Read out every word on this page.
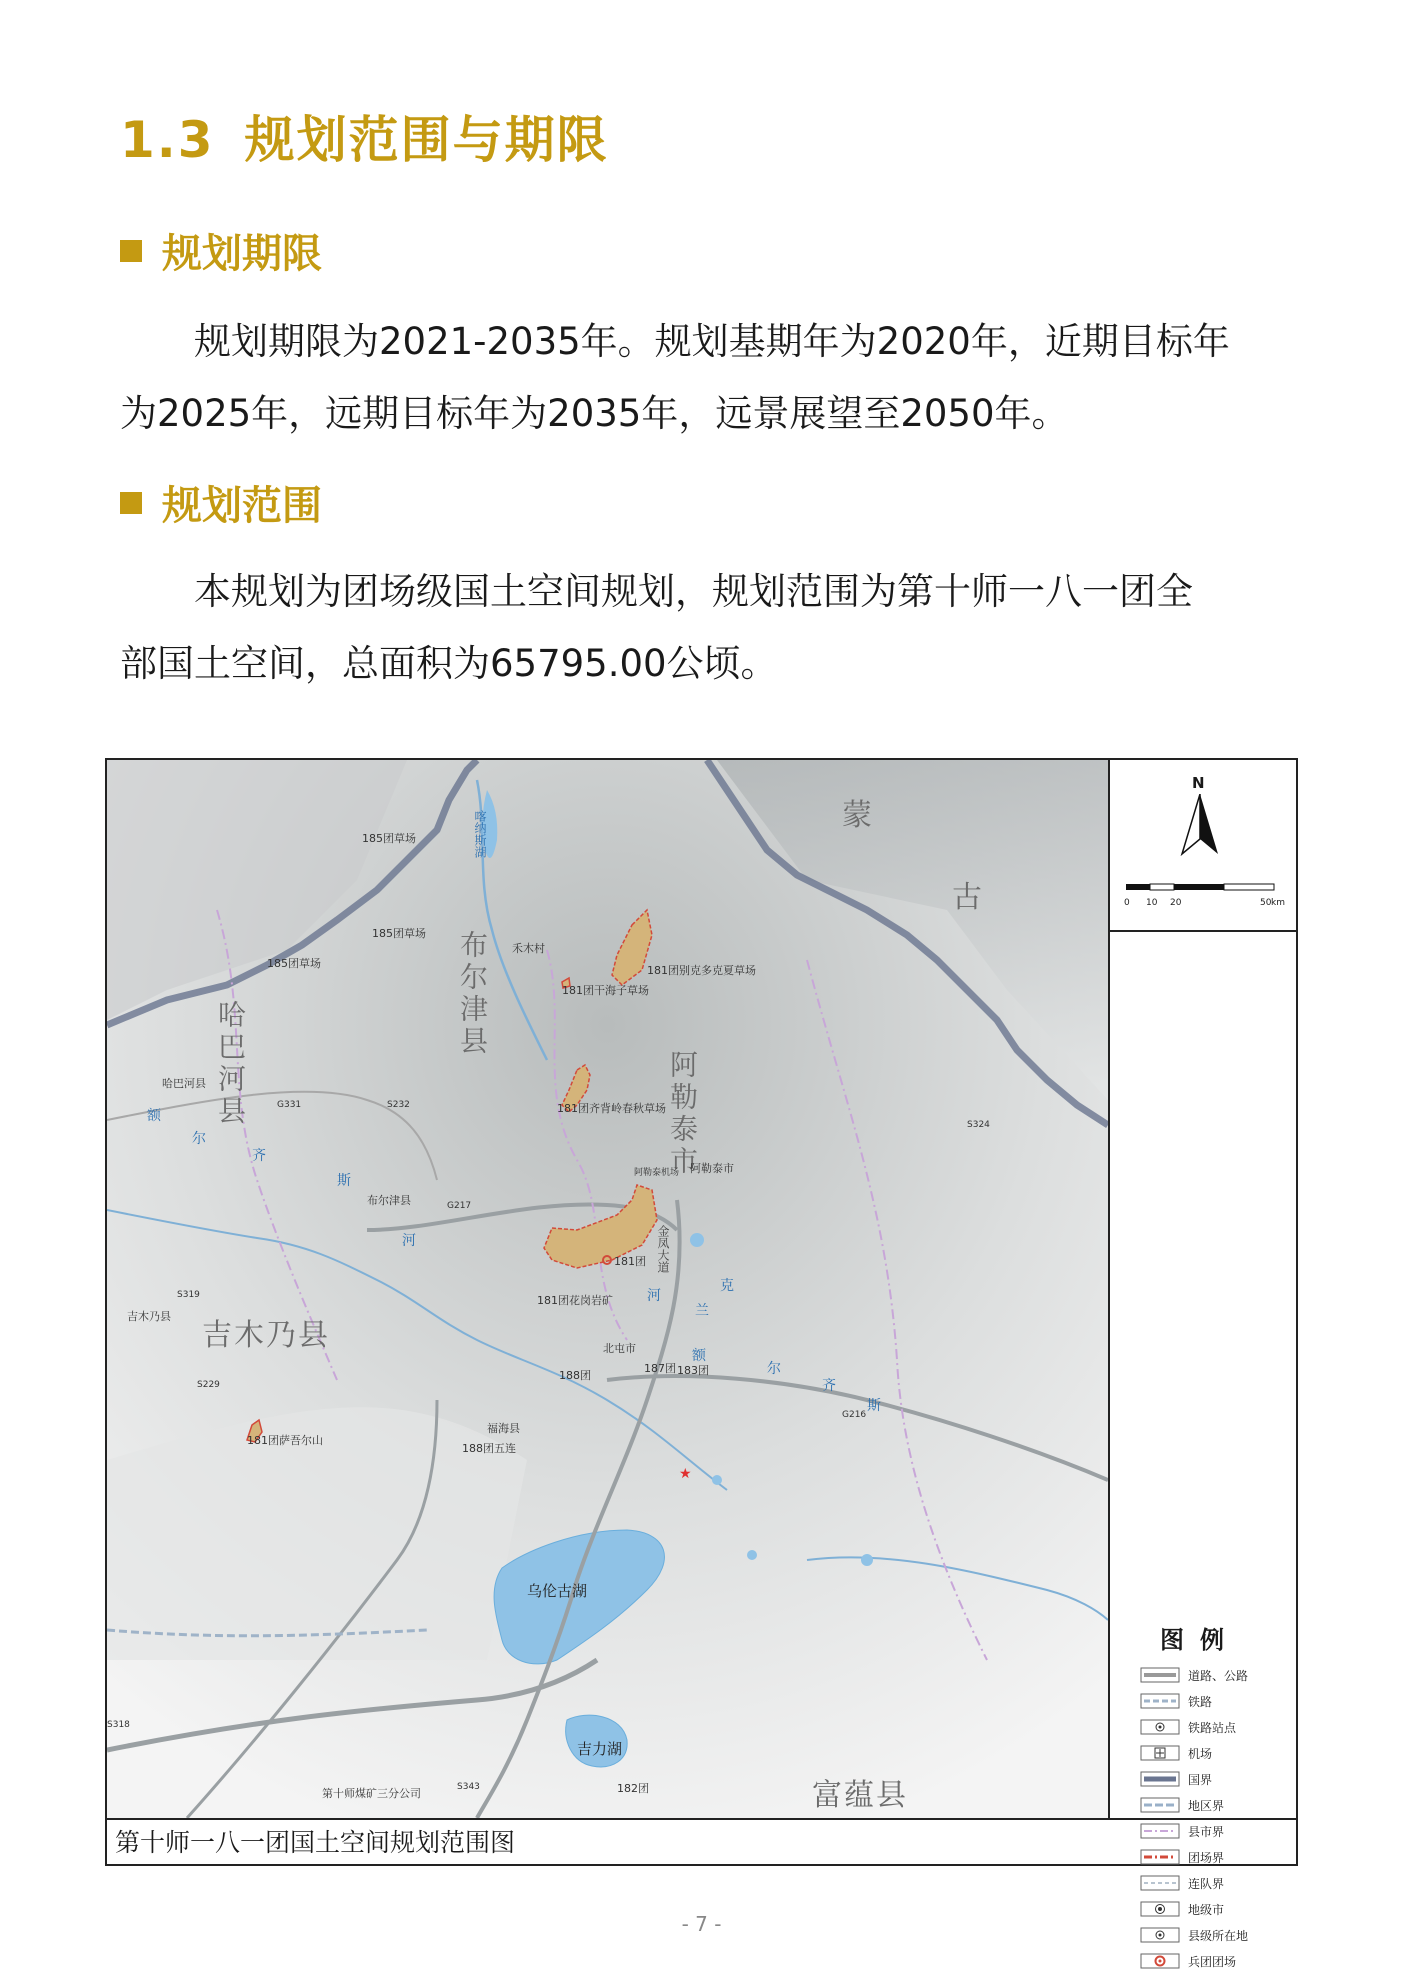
1.3 规划范围与期限
规划期限
规划期限为2021-2035年。规划基期年为2020年，近期目标年
为2025年，远期目标年为2035年，远景展望至2050年。
规划范围
本规划为团场级国土空间规划，规划范围为第十师一八一团全
部国土空间，总面积为65795.00公顷。
★
蒙
古
布尔津县
哈巴河县	阿勒泰市
吉木乃县
富蕴县
喀纳斯湖
乌伦古湖
吉力湖
185团草场
185团草场
185团草场
禾木村
181团别克多克夏草场
181团干海子草场
181团齐背岭春秋草场
181团
181团花岗岩矿
181团萨吾尔山
哈巴河县
布尔津县
吉木乃县
阿勒泰市
阿勒泰机场
北屯市
188团
187团 183团
福海县
188团五连
第十师煤矿三分公司	182团
额
尔
齐
斯
河
克
兰
河
额
尔
齐
斯
G331	S232
S229
G217
S319
S318
S343
G216
S324
金凤大道
N
0 10 20	50 km
图例
道路、公路
铁路
铁路站点
机场
国界
地区界
县市界
团场界
连队界
地级市
县级所在地
兵团团场
第十师一八一团国土空间规划范围图
- 7 -
